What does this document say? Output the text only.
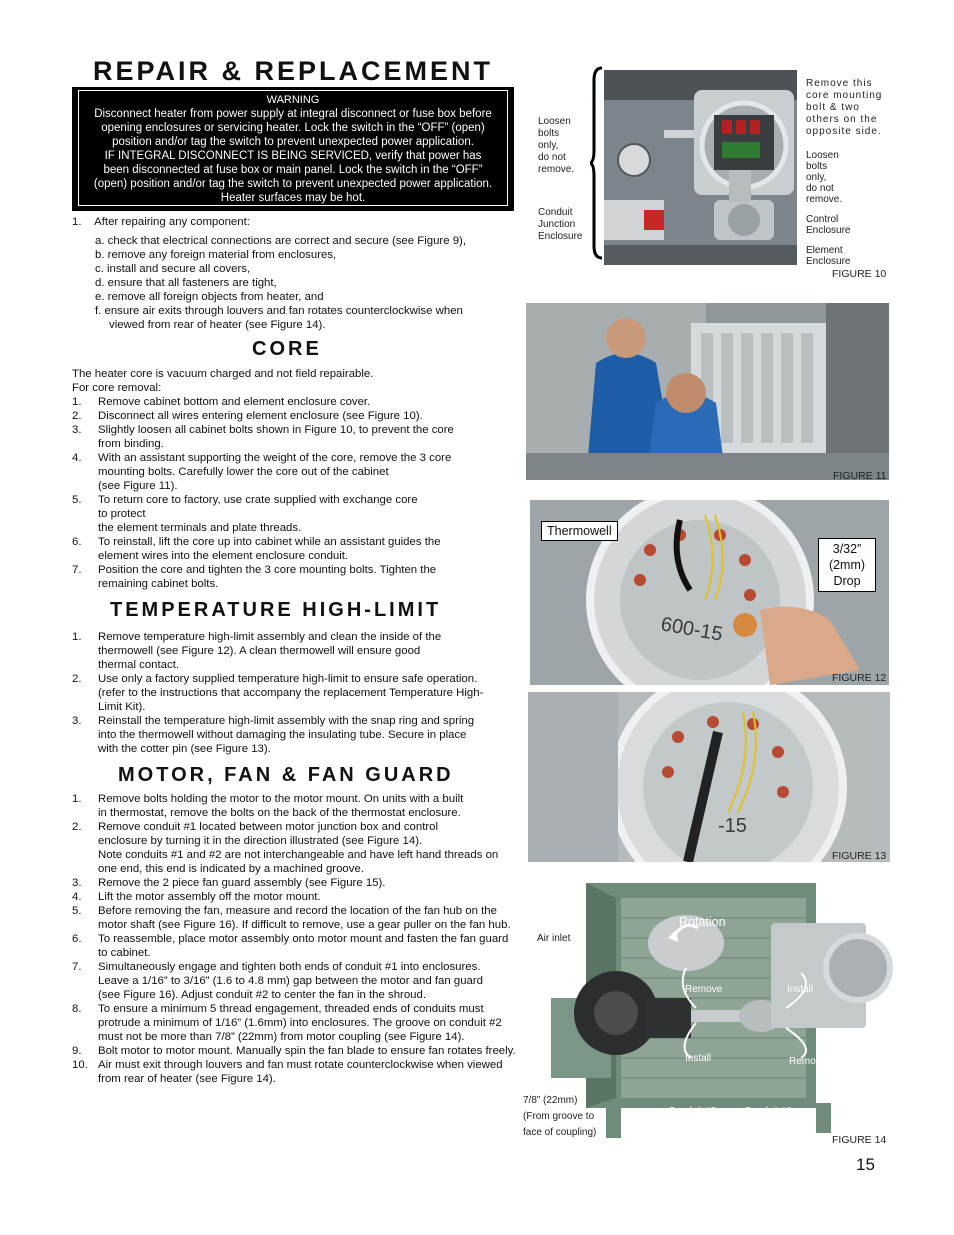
REPAIR & REPLACEMENT
WARNING
Disconnect heater from power supply at integral disconnect or fuse box before
opening enclosures or servicing heater. Lock the switch in the “OFF” (open)
position and/or tag the switch to prevent unexpected power application.
IF INTEGRAL DISCONNECT IS BEING SERVICED, verify that power has
been disconnected at fuse box or main panel. Lock the switch in the “OFF”
(open) position and/or tag the switch to prevent unexpected power application.
Heater surfaces may be hot.
1. After repairing any component:
a. check that electrical connections are correct and secure (see Figure 9),
b. remove any foreign material from enclosures,
c. install and secure all covers,
d. ensure that all fasteners are tight,
e. remove all foreign objects from heater, and
f. ensure air exits through louvers and fan rotates counterclockwise when
viewed from rear of heater (see Figure 14).
CORE
The heater core is vacuum charged and not field repairable.
For core removal:
1. Remove cabinet bottom and element enclosure cover.
2. Disconnect all wires entering element enclosure (see Figure 10).
3. Slightly loosen all cabinet bolts shown in Figure 10, to prevent the core
from binding.
4. With an assistant supporting the weight of the core, remove the 3 core
mounting bolts. Carefully lower the core out of the cabinet
(see Figure 11).
5. To return core to factory, use crate supplied with exchange core
to protect
the element terminals and plate threads.
6. To reinstall, lift the core up into cabinet while an assistant guides the
element wires into the element enclosure conduit.
7. Position the core and tighten the 3 core mounting bolts. Tighten the
remaining cabinet bolts.
TEMPERATURE HIGH-LIMIT
1. Remove temperature high-limit assembly and clean the inside of the
thermowell (see Figure 12). A clean thermowell will ensure good
thermal contact.
2. Use only a factory supplied temperature high-limit to ensure safe operation.
(refer to the instructions that accompany the replacement Temperature High-
Limit Kit).
3. Reinstall the temperature high-limit assembly with the snap ring and spring
into the thermowell without damaging the insulating tube. Secure in place
with the cotter pin (see Figure 13).
MOTOR, FAN & FAN GUARD
1. Remove bolts holding the motor to the motor mount. On units with a built
in thermostat, remove the bolts on the back of the thermostat enclosure.
2. Remove conduit #1 located between motor junction box and control
enclosure by turning it in the direction illustrated (see Figure 14).
Note conduits #1 and #2 are not interchangeable and have left hand threads on
one end, this end is indicated by a machined groove.
3. Remove the 2 piece fan guard assembly (see Figure 15).
4. Lift the motor assembly off the motor mount.
5. Before removing the fan, measure and record the location of the fan hub on the
motor shaft (see Figure 16). If difficult to remove, use a gear puller on the fan hub.
6. To reassemble, place motor assembly onto motor mount and fasten the fan guard
to cabinet.
7. Simultaneously engage and tighten both ends of conduit #1 into enclosures.
Leave a 1/16” to 3/16” (1.6 to 4.8 mm) gap between the motor and fan guard
(see Figure 16). Adjust conduit #2 to center the fan in the shroud.
8. To ensure a minimum 5 thread engagement, threaded ends of conduits must
protrude a minimum of 1/16” (1.6mm) into enclosures. The groove on conduit #2
must not be more than 7/8” (22mm) from motor coupling (see Figure 14).
9. Bolt motor to motor mount. Manually spin the fan blade to ensure fan rotates freely.
10. Air must exit through louvers and fan must rotate counterclockwise when viewed
from rear of heater (see Figure 14).
Loosen
bolts
only,
do not
remove.
Conduit
Junction
Enclosure
Remove this
core mounting
bolt & two
others on the
opposite side.
Loosen
bolts
only,
do not
remove.
Control
Enclosure
Element
Enclosure
FIGURE 10
FIGURE 11
600-15
Thermowell
3/32”
(2mm)
Drop
FIGURE 12
-15
FIGURE 13
Rotation
Air inlet
Remove	Install
Install	Remove
Conduit #2	Conduit #1
7/8” (22mm)
(From groove to
face of coupling)
FIGURE 14
15
